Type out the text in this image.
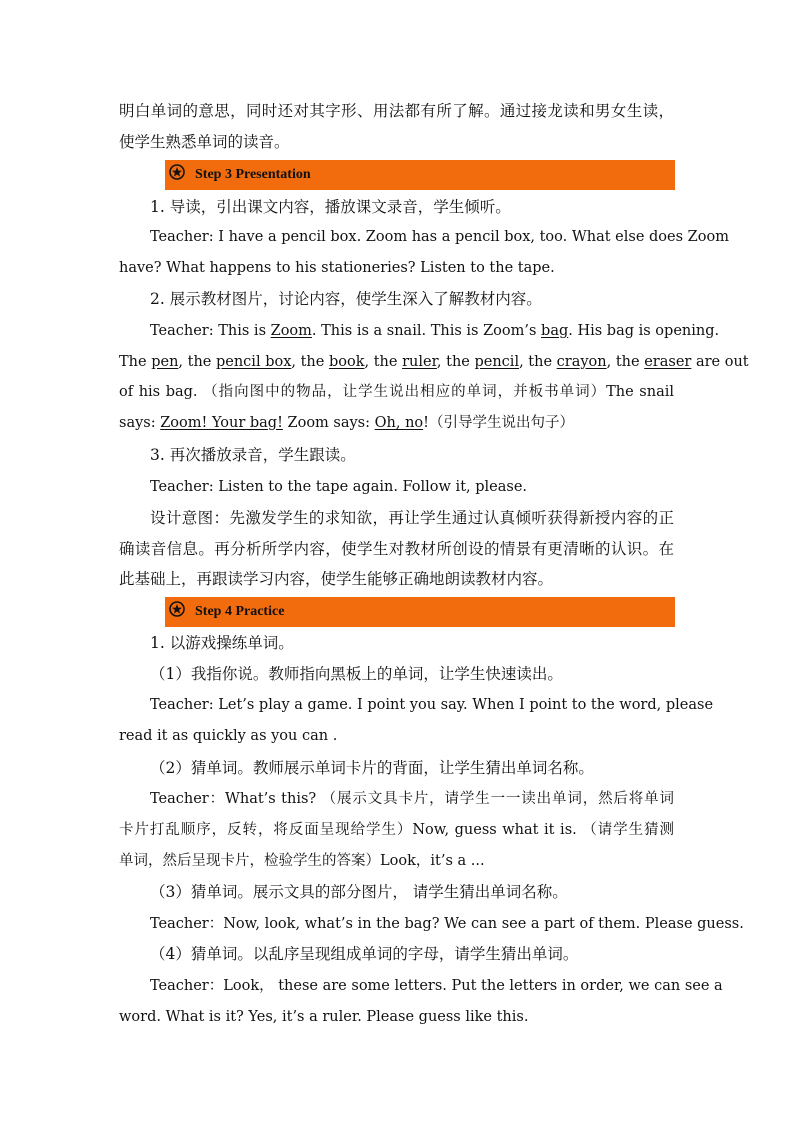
明白单词的意思，同时还对其字形、用法都有所了解。通过接龙读和男女生读，
使学生熟悉单词的读音。
Step 3 Presentation
1. 导读，引出课文内容，播放课文录音，学生倾听。
Teacher: I have a pencil box. Zoom has a pencil box, too. What else does Zoom
have? What happens to his stationeries? Listen to the tape.
2. 展示教材图片，讨论内容，使学生深入了解教材内容。
Teacher: This is Zoom. This is a snail. This is Zoom’s bag. His bag is opening.
The pen, the pencil box, the book, the ruler, the pencil, the crayon, the eraser are out
of his bag. （指向图中的物品，让学生说出相应的单词，并板书单词）The snail
says: Zoom! Your bag! Zoom says: Oh, no!（引导学生说出句子）
3. 再次播放录音，学生跟读。
Teacher: Listen to the tape again. Follow it, please.
设计意图：先激发学生的求知欲，再让学生通过认真倾听获得新授内容的正
确读音信息。再分析所学内容，使学生对教材所创设的情景有更清晰的认识。在
此基础上，再跟读学习内容，使学生能够正确地朗读教材内容。
Step 4 Practice
1. 以游戏操练单词。
（1）我指你说。教师指向黑板上的单词，让学生快速读出。
Teacher: Let’s play a game. I point you say. When I point to the word, please
read it as quickly as you can .
（2）猜单词。教师展示单词卡片的背面，让学生猜出单词名称。
Teacher：What’s this? （展示文具卡片，请学生一一读出单词，然后将单词
卡片打乱顺序，反转，将反面呈现给学生）Now, guess what it is. （请学生猜测
单词，然后呈现卡片，检验学生的答案）Look，it’s a ...
（3）猜单词。展示文具的部分图片， 请学生猜出单词名称。
Teacher：Now, look, what’s in the bag? We can see a part of them. Please guess.
（4）猜单词。以乱序呈现组成单词的字母，请学生猜出单词。
Teacher：Look， these are some letters. Put the letters in order, we can see a
word. What is it? Yes, it’s a ruler. Please guess like this.
